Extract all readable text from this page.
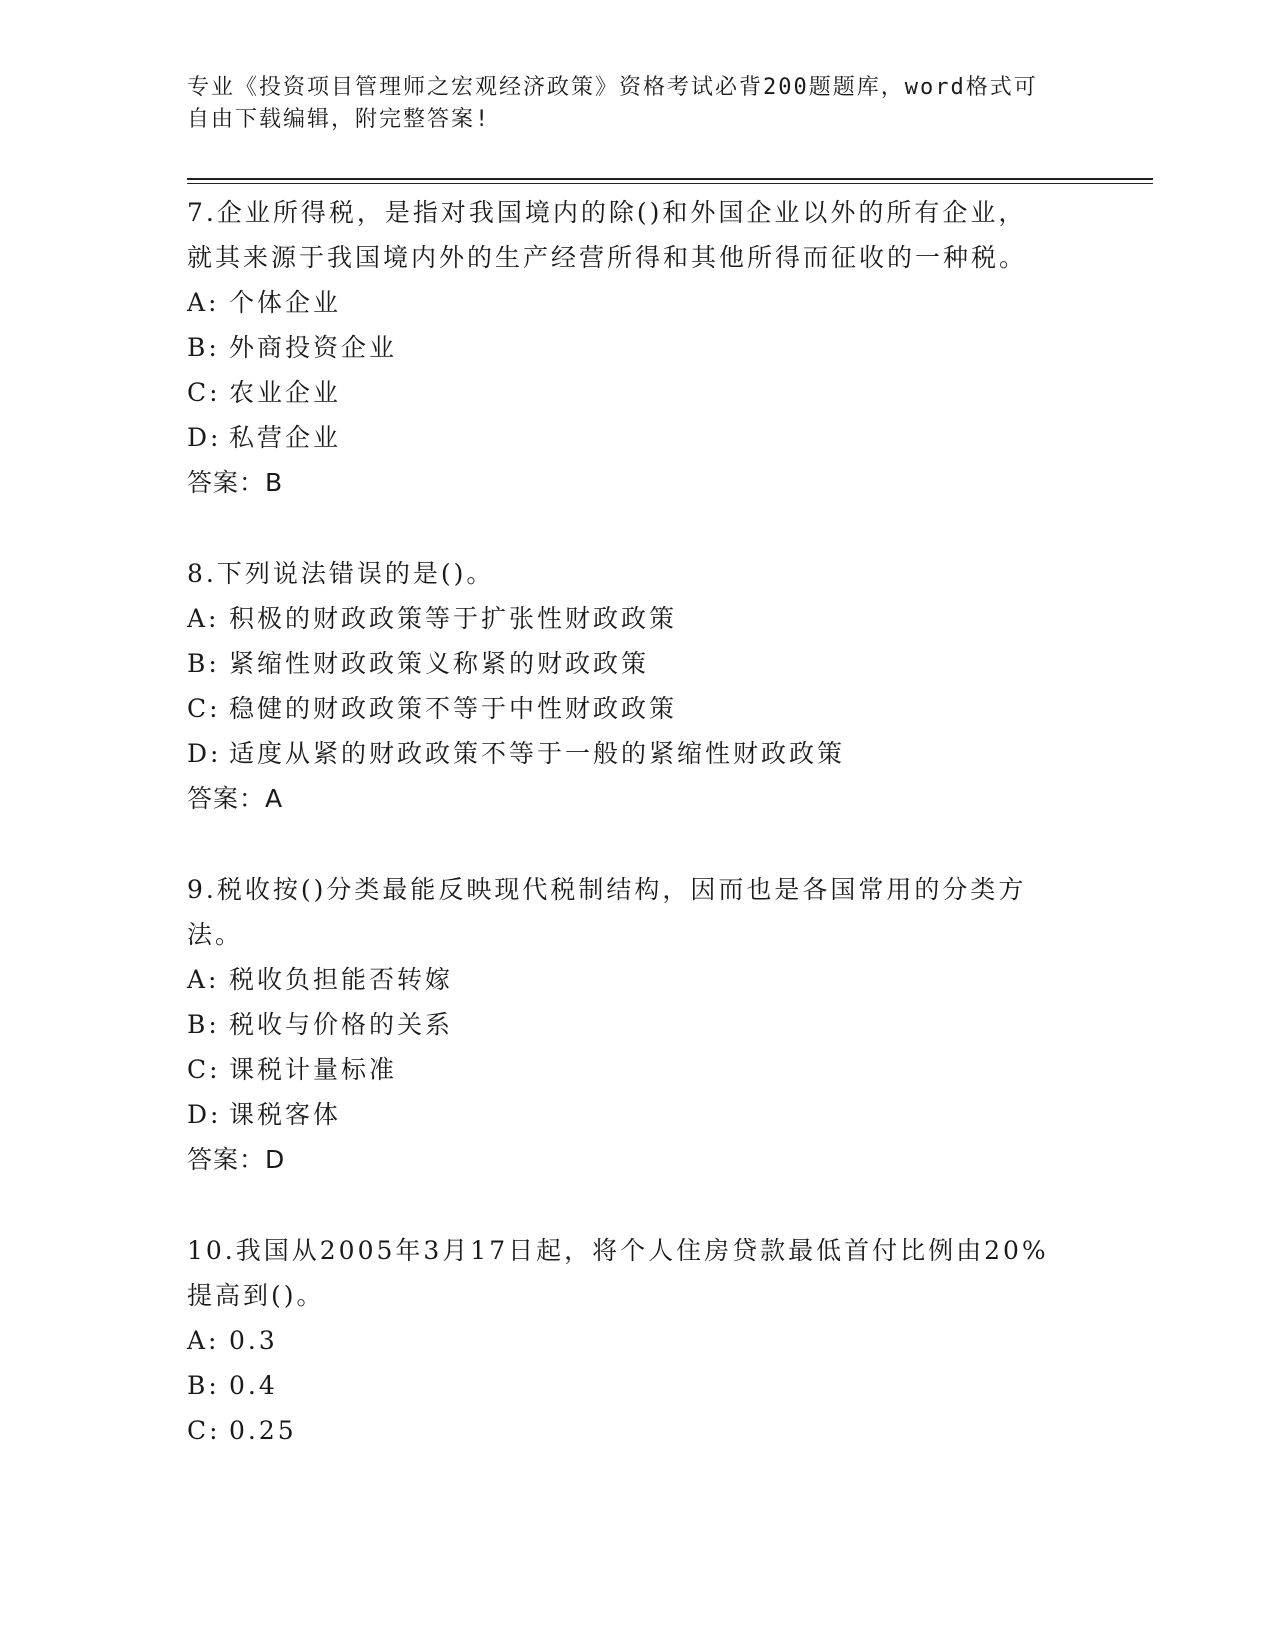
专业《投资项目管理师之宏观经济政策》资格考试必背200题题库，word格式可
自由下载编辑，附完整答案!

7.企业所得税，是指对我国境内的除()和外国企业以外的所有企业，

就其来源于我国境内外的生产经营所得和其他所得而征收的一种税。

A: 个体企业

B: 外商投资企业

C: 农业企业

D: 私营企业

答案：B

8.下列说法错误的是()。

A: 积极的财政政策等于扩张性财政政策

B: 紧缩性财政政策义称紧的财政政策

C: 稳健的财政政策不等于中性财政政策

D: 适度从紧的财政政策不等于一般的紧缩性财政政策

答案：A

9.税收按()分类最能反映现代税制结构，因而也是各国常用的分类方

法。

A: 税收负担能否转嫁

B: 税收与价格的关系

C: 课税计量标准

D: 课税客体

答案：D

10.我国从2005年3月17日起，将个人住房贷款最低首付比例由20%

提高到()。

A: 0.3

B: 0.4

C: 0.25
